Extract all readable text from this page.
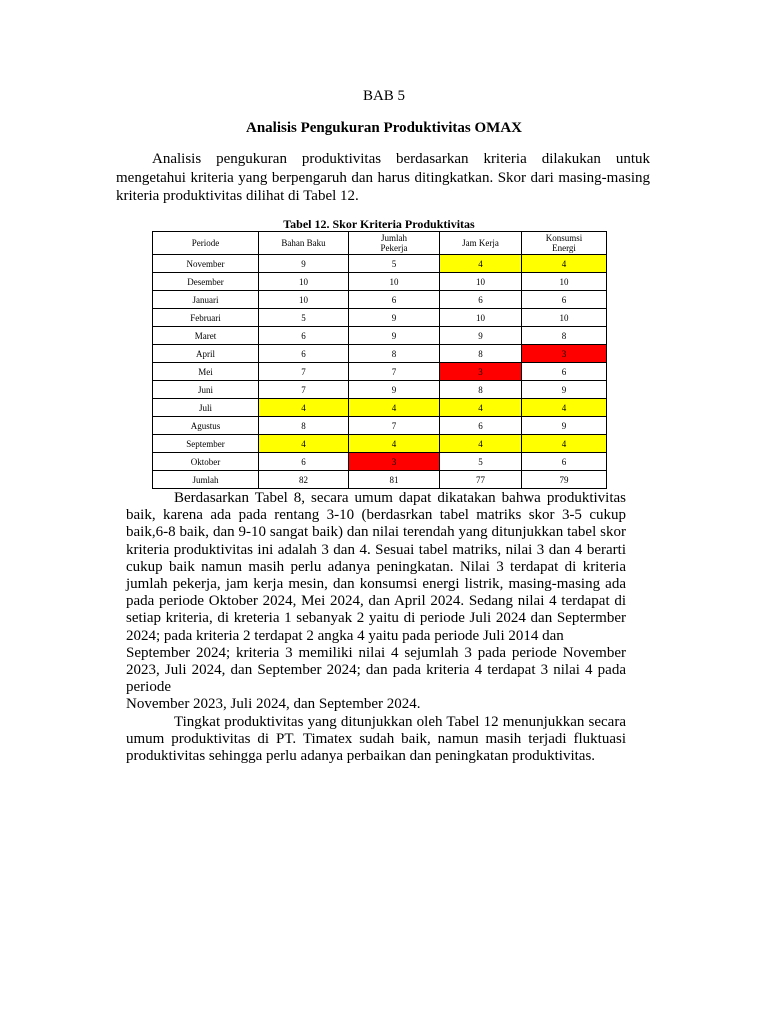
BAB 5
Analisis Pengukuran Produktivitas OMAX

Analisis pengukuran produktivitas berdasarkan kriteria dilakukan untuk mengetahui kriteria yang berpengaruh dan harus ditingkatkan. Skor dari masing-masing kriteria produktivitas dilihat di Tabel 12.

Tabel 12. Skor Kriteria Produktivitas
Periode	Bahan Baku	Jumlah Pekerja	Jam Kerja	Konsumsi Energi
November	9	5	4	4
Desember	10	10	10	10
Januari	10	6	6	6
Februari	5	9	10	10
Maret	6	9	9	8
April	6	8	8	3
Mei	7	7	3	6
Juni	7	9	8	9
Juli	4	4	4	4
Agustus	8	7	6	9
September	4	4	4	4
Oktober	6	3	5	6
Jumlah	82	81	77	79

Berdasarkan Tabel 8, secara umum dapat dikatakan bahwa produktivitas baik, karena ada pada rentang 3-10 (berdasrkan tabel matriks skor 3-5 cukup baik,6-8 baik, dan 9-10 sangat baik) dan nilai terendah yang ditunjukkan tabel skor kriteria produktivitas ini adalah 3 dan 4. Sesuai tabel matriks, nilai 3 dan 4 berarti cukup baik namun masih perlu adanya peningkatan. Nilai 3 terdapat di kriteria jumlah pekerja, jam kerja mesin, dan konsumsi energi listrik, masing-masing ada pada periode Oktober 2024, Mei 2024, dan April 2024. Sedang nilai 4 terdapat di setiap kriteria, di kreteria 1 sebanyak 2 yaitu di periode Juli 2024 dan Septermber 2024; pada kriteria 2 terdapat 2 angka 4 yaitu pada periode Juli 2014 dan

September 2024; kriteria 3 memiliki nilai 4 sejumlah 3 pada periode November 2023, Juli 2024, dan September 2024; dan pada kriteria 4 terdapat 3 nilai 4 pada periode

November 2023, Juli 2024, dan September 2024.

Tingkat produktivitas yang ditunjukkan oleh Tabel 12 menunjukkan secara umum produktivitas di PT. Timatex sudah baik, namun masih terjadi fluktuasi produktivitas sehingga perlu adanya perbaikan dan peningkatan produktivitas.
